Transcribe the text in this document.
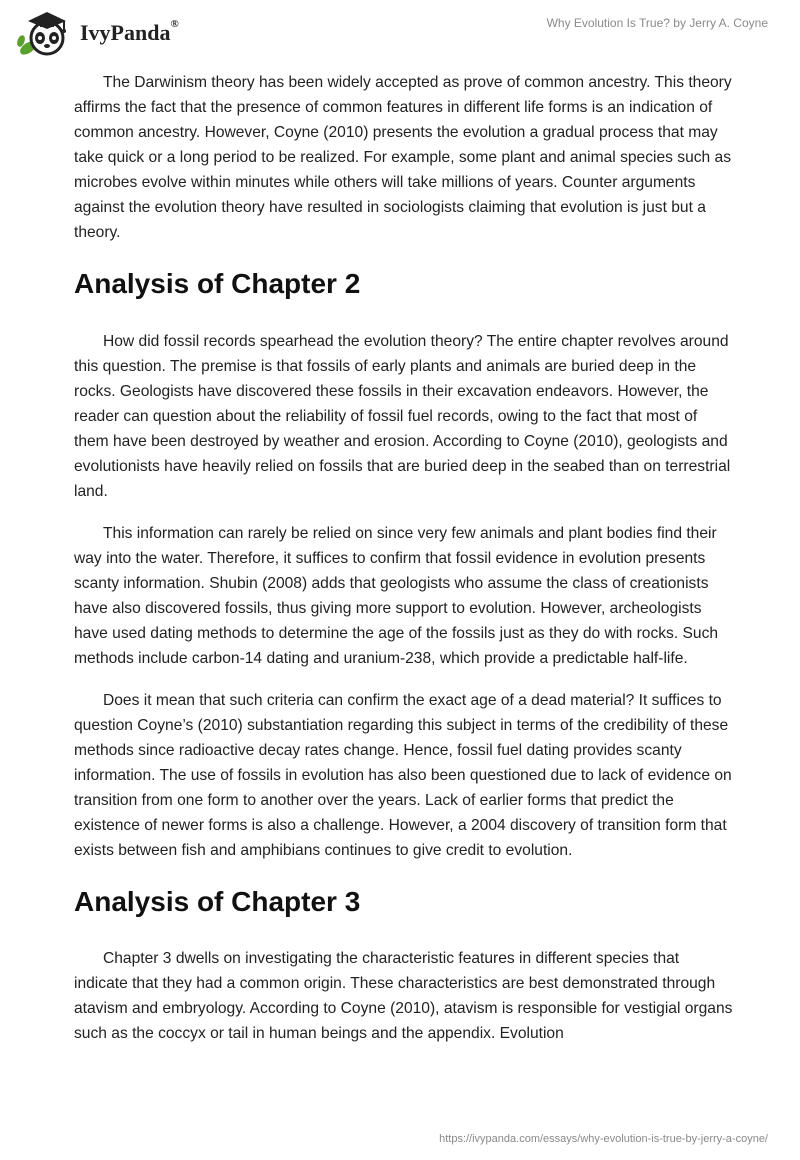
IvyPanda®	Why Evolution Is True? by Jerry A. Coyne

The Darwinism theory has been widely accepted as prove of common ancestry. This theory affirms the fact that the presence of common features in different life forms is an indication of common ancestry. However, Coyne (2010) presents the evolution a gradual process that may take quick or a long period to be realized. For example, some plant and animal species such as microbes evolve within minutes while others will take millions of years. Counter arguments against the evolution theory have resulted in sociologists claiming that evolution is just but a theory.

Analysis of Chapter 2

How did fossil records spearhead the evolution theory? The entire chapter revolves around this question. The premise is that fossils of early plants and animals are buried deep in the rocks. Geologists have discovered these fossils in their excavation endeavors. However, the reader can question about the reliability of fossil fuel records, owing to the fact that most of them have been destroyed by weather and erosion. According to Coyne (2010), geologists and evolutionists have heavily relied on fossils that are buried deep in the seabed than on terrestrial land.

This information can rarely be relied on since very few animals and plant bodies find their way into the water. Therefore, it suffices to confirm that fossil evidence in evolution presents scanty information. Shubin (2008) adds that geologists who assume the class of creationists have also discovered fossils, thus giving more support to evolution. However, archeologists have used dating methods to determine the age of the fossils just as they do with rocks. Such methods include carbon-14 dating and uranium-238, which provide a predictable half-life.

Does it mean that such criteria can confirm the exact age of a dead material? It suffices to question Coyne’s (2010) substantiation regarding this subject in terms of the credibility of these methods since radioactive decay rates change. Hence, fossil fuel dating provides scanty information. The use of fossils in evolution has also been questioned due to lack of evidence on transition from one form to another over the years. Lack of earlier forms that predict the existence of newer forms is also a challenge. However, a 2004 discovery of transition form that exists between fish and amphibians continues to give credit to evolution.

Analysis of Chapter 3

Chapter 3 dwells on investigating the characteristic features in different species that indicate that they had a common origin. These characteristics are best demonstrated through atavism and embryology. According to Coyne (2010), atavism is responsible for vestigial organs such as the coccyx or tail in human beings and the appendix. Evolution

https://ivypanda.com/essays/why-evolution-is-true-by-jerry-a-coyne/
